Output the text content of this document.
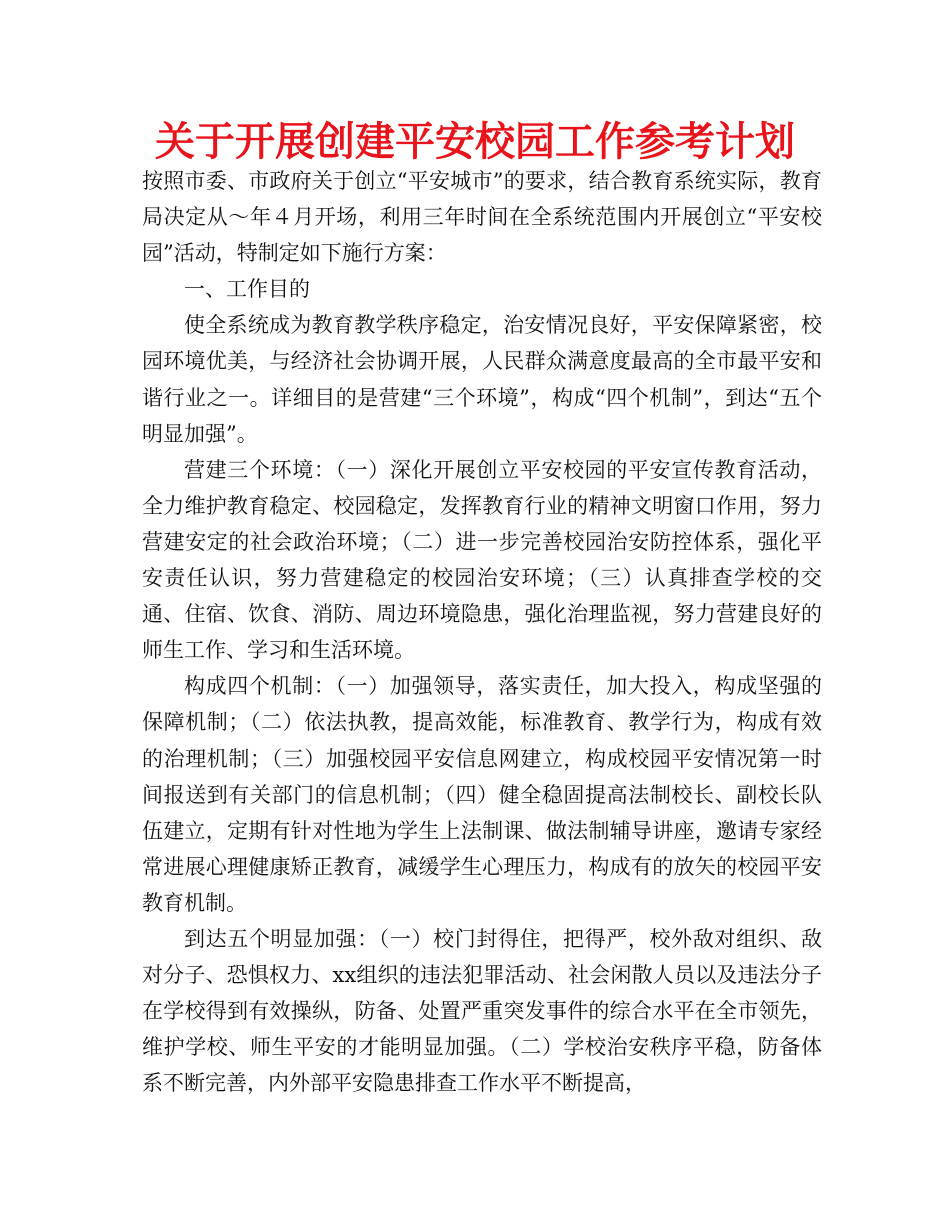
关于开展创建平安校园工作参考计划

按照市委、市政府关于创立“平安城市”的要求，结合教育系统实际，教育局决定从～年４月开场，利用三年时间在全系统范围内开展创立“平安校园”活动，特制定如下施行方案：

一、工作目的

使全系统成为教育教学秩序稳定，治安情况良好，平安保障紧密，校园环境优美，与经济社会协调开展，人民群众满意度最高的全市最平安和谐行业之一。详细目的是营建“三个环境”，构成“四个机制”，到达“五个明显加强”。

营建三个环境：（一）深化开展创立平安校园的平安宣传教育活动，全力维护教育稳定、校园稳定，发挥教育行业的精神文明窗口作用，努力营建安定的社会政治环境；（二）进一步完善校园治安防控体系，强化平安责任认识，努力营建稳定的校园治安环境；（三）认真排查学校的交通、住宿、饮食、消防、周边环境隐患，强化治理监视，努力营建良好的师生工作、学习和生活环境。

构成四个机制：（一）加强领导，落实责任，加大投入，构成坚强的保障机制；（二）依法执教，提高效能，标准教育、教学行为，构成有效的治理机制；（三）加强校园平安信息网建立，构成校园平安情况第一时间报送到有关部门的信息机制；（四）健全稳固提高法制校长、副校长队伍建立，定期有针对性地为学生上法制课、做法制辅导讲座，邀请专家经常进展心理健康矫正教育，减缓学生心理压力，构成有的放矢的校园平安教育机制。

到达五个明显加强：（一）校门封得住，把得严，校外敌对组织、敌对分子、恐惧权力、xx组织的违法犯罪活动、社会闲散人员以及违法分子在学校得到有效操纵，防备、处置严重突发事件的综合水平在全市领先，维护学校、师生平安的才能明显加强。（二）学校治安秩序平稳，防备体系不断完善，内外部平安隐患排查工作水平不断提高，
